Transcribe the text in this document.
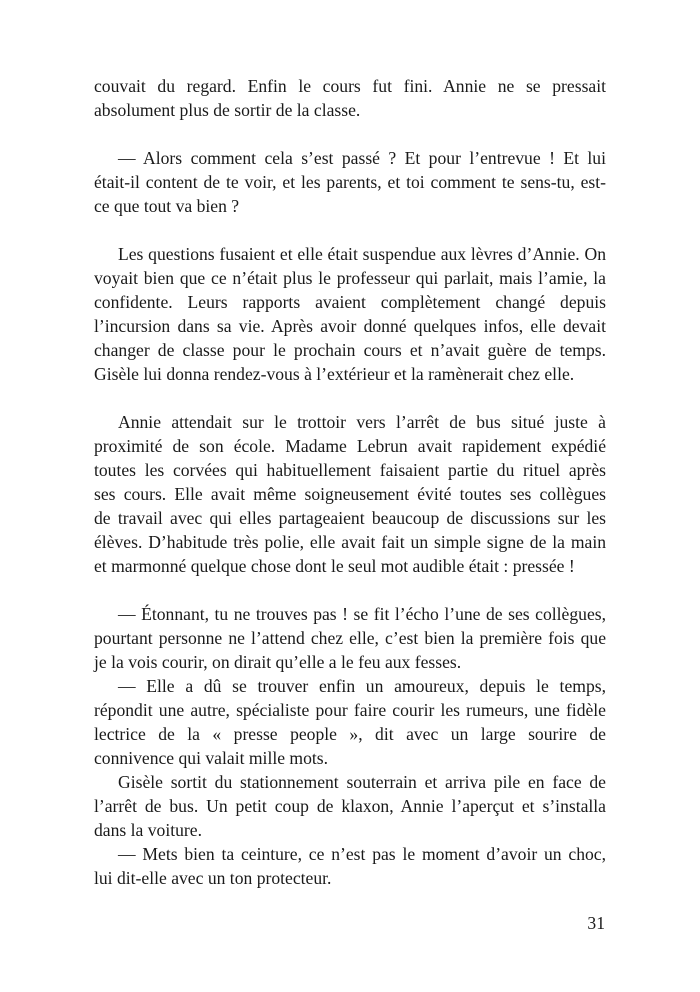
couvait du regard. Enfin le cours fut fini. Annie ne se pressait
absolument plus de sortir de la classe.
— Alors comment cela s’est passé ? Et pour l’entrevue ! Et lui
était-il content de te voir, et les parents, et toi comment te sens-tu, est-
ce que tout va bien ?
Les questions fusaient et elle était suspendue aux lèvres d’Annie. On
voyait bien que ce n’était plus le professeur qui parlait, mais l’amie, la
confidente. Leurs rapports avaient complètement changé depuis
l’incursion dans sa vie. Après avoir donné quelques infos, elle devait
changer de classe pour le prochain cours et n’avait guère de temps.
Gisèle lui donna rendez-vous à l’extérieur et la ramènerait chez elle.
Annie attendait sur le trottoir vers l’arrêt de bus situé juste à
proximité de son école. Madame Lebrun avait rapidement expédié
toutes les corvées qui habituellement faisaient partie du rituel après
ses cours. Elle avait même soigneusement évité toutes ses collègues
de travail avec qui elles partageaient beaucoup de discussions sur les
élèves. D’habitude très polie, elle avait fait un simple signe de la main
et marmonné quelque chose dont le seul mot audible était : pressée !
— Étonnant, tu ne trouves pas ! se fit l’écho l’une de ses collègues,
pourtant personne ne l’attend chez elle, c’est bien la première fois que
je la vois courir, on dirait qu’elle a le feu aux fesses.
— Elle a dû se trouver enfin un amoureux, depuis le temps,
répondit une autre, spécialiste pour faire courir les rumeurs, une fidèle
lectrice de la « presse people », dit avec un large sourire de
connivence qui valait mille mots.
Gisèle sortit du stationnement souterrain et arriva pile en face de
l’arrêt de bus. Un petit coup de klaxon, Annie l’aperçut et s’installa
dans la voiture.
— Mets bien ta ceinture, ce n’est pas le moment d’avoir un choc,
lui dit-elle avec un ton protecteur.
31
